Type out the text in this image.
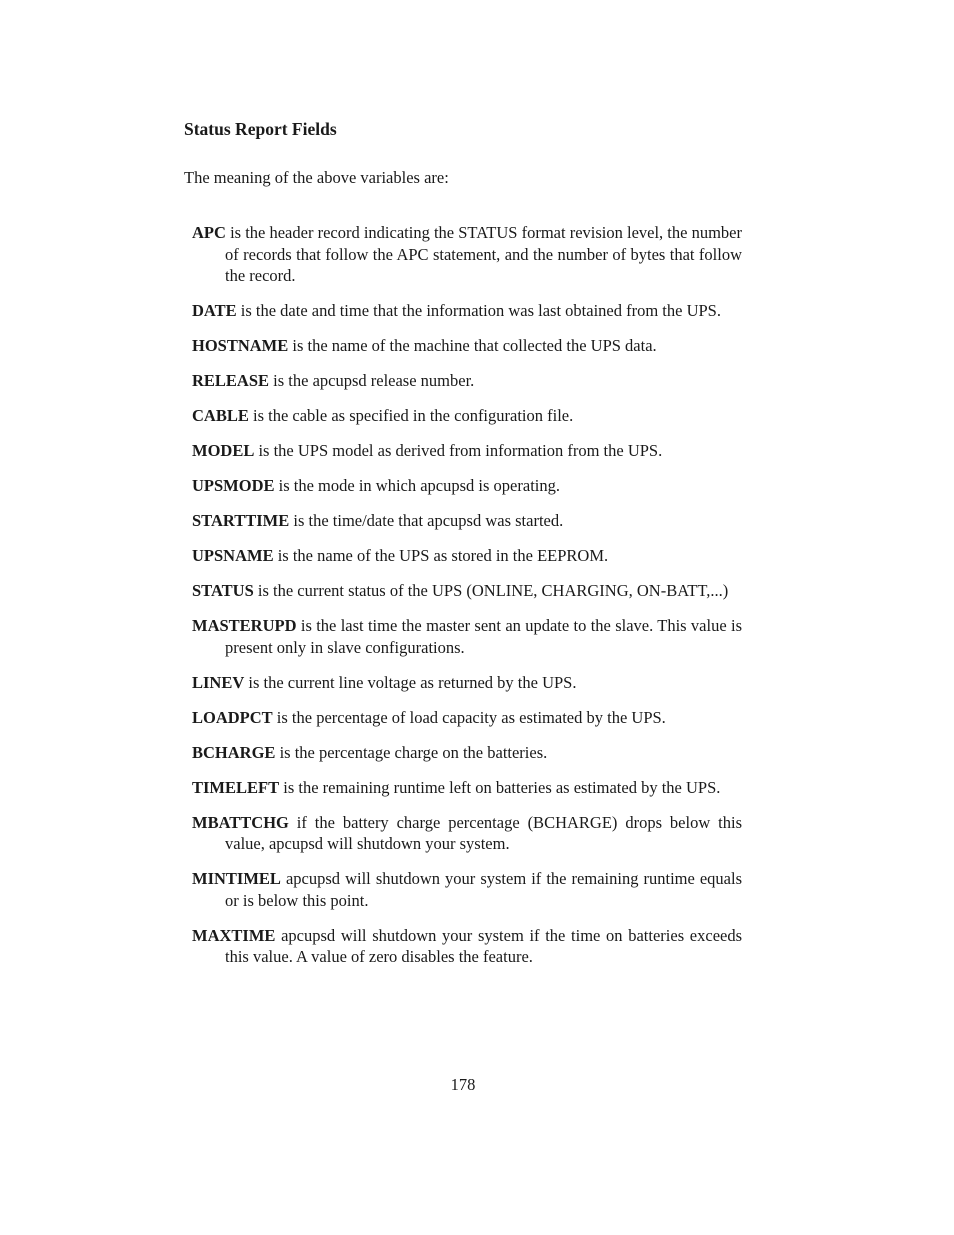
Status Report Fields

The meaning of the above variables are:

APC is the header record indicating the STATUS format revision level, the number of records that follow the APC statement, and the number of bytes that follow the record.

DATE is the date and time that the information was last obtained from the UPS.

HOSTNAME is the name of the machine that collected the UPS data.

RELEASE is the apcupsd release number.

CABLE is the cable as specified in the configuration file.

MODEL is the UPS model as derived from information from the UPS.

UPSMODE is the mode in which apcupsd is operating.

STARTTIME is the time/date that apcupsd was started.

UPSNAME is the name of the UPS as stored in the EEPROM.

STATUS is the current status of the UPS (ONLINE, CHARGING, ON-BATT,...)

MASTERUPD is the last time the master sent an update to the slave. This value is present only in slave configurations.

LINEV is the current line voltage as returned by the UPS.

LOADPCT is the percentage of load capacity as estimated by the UPS.

BCHARGE is the percentage charge on the batteries.

TIMELEFT is the remaining runtime left on batteries as estimated by the UPS.

MBATTCHG if the battery charge percentage (BCHARGE) drops below this value, apcupsd will shutdown your system.

MINTIMEL apcupsd will shutdown your system if the remaining runtime equals or is below this point.

MAXTIME apcupsd will shutdown your system if the time on batteries exceeds this value. A value of zero disables the feature.

178
